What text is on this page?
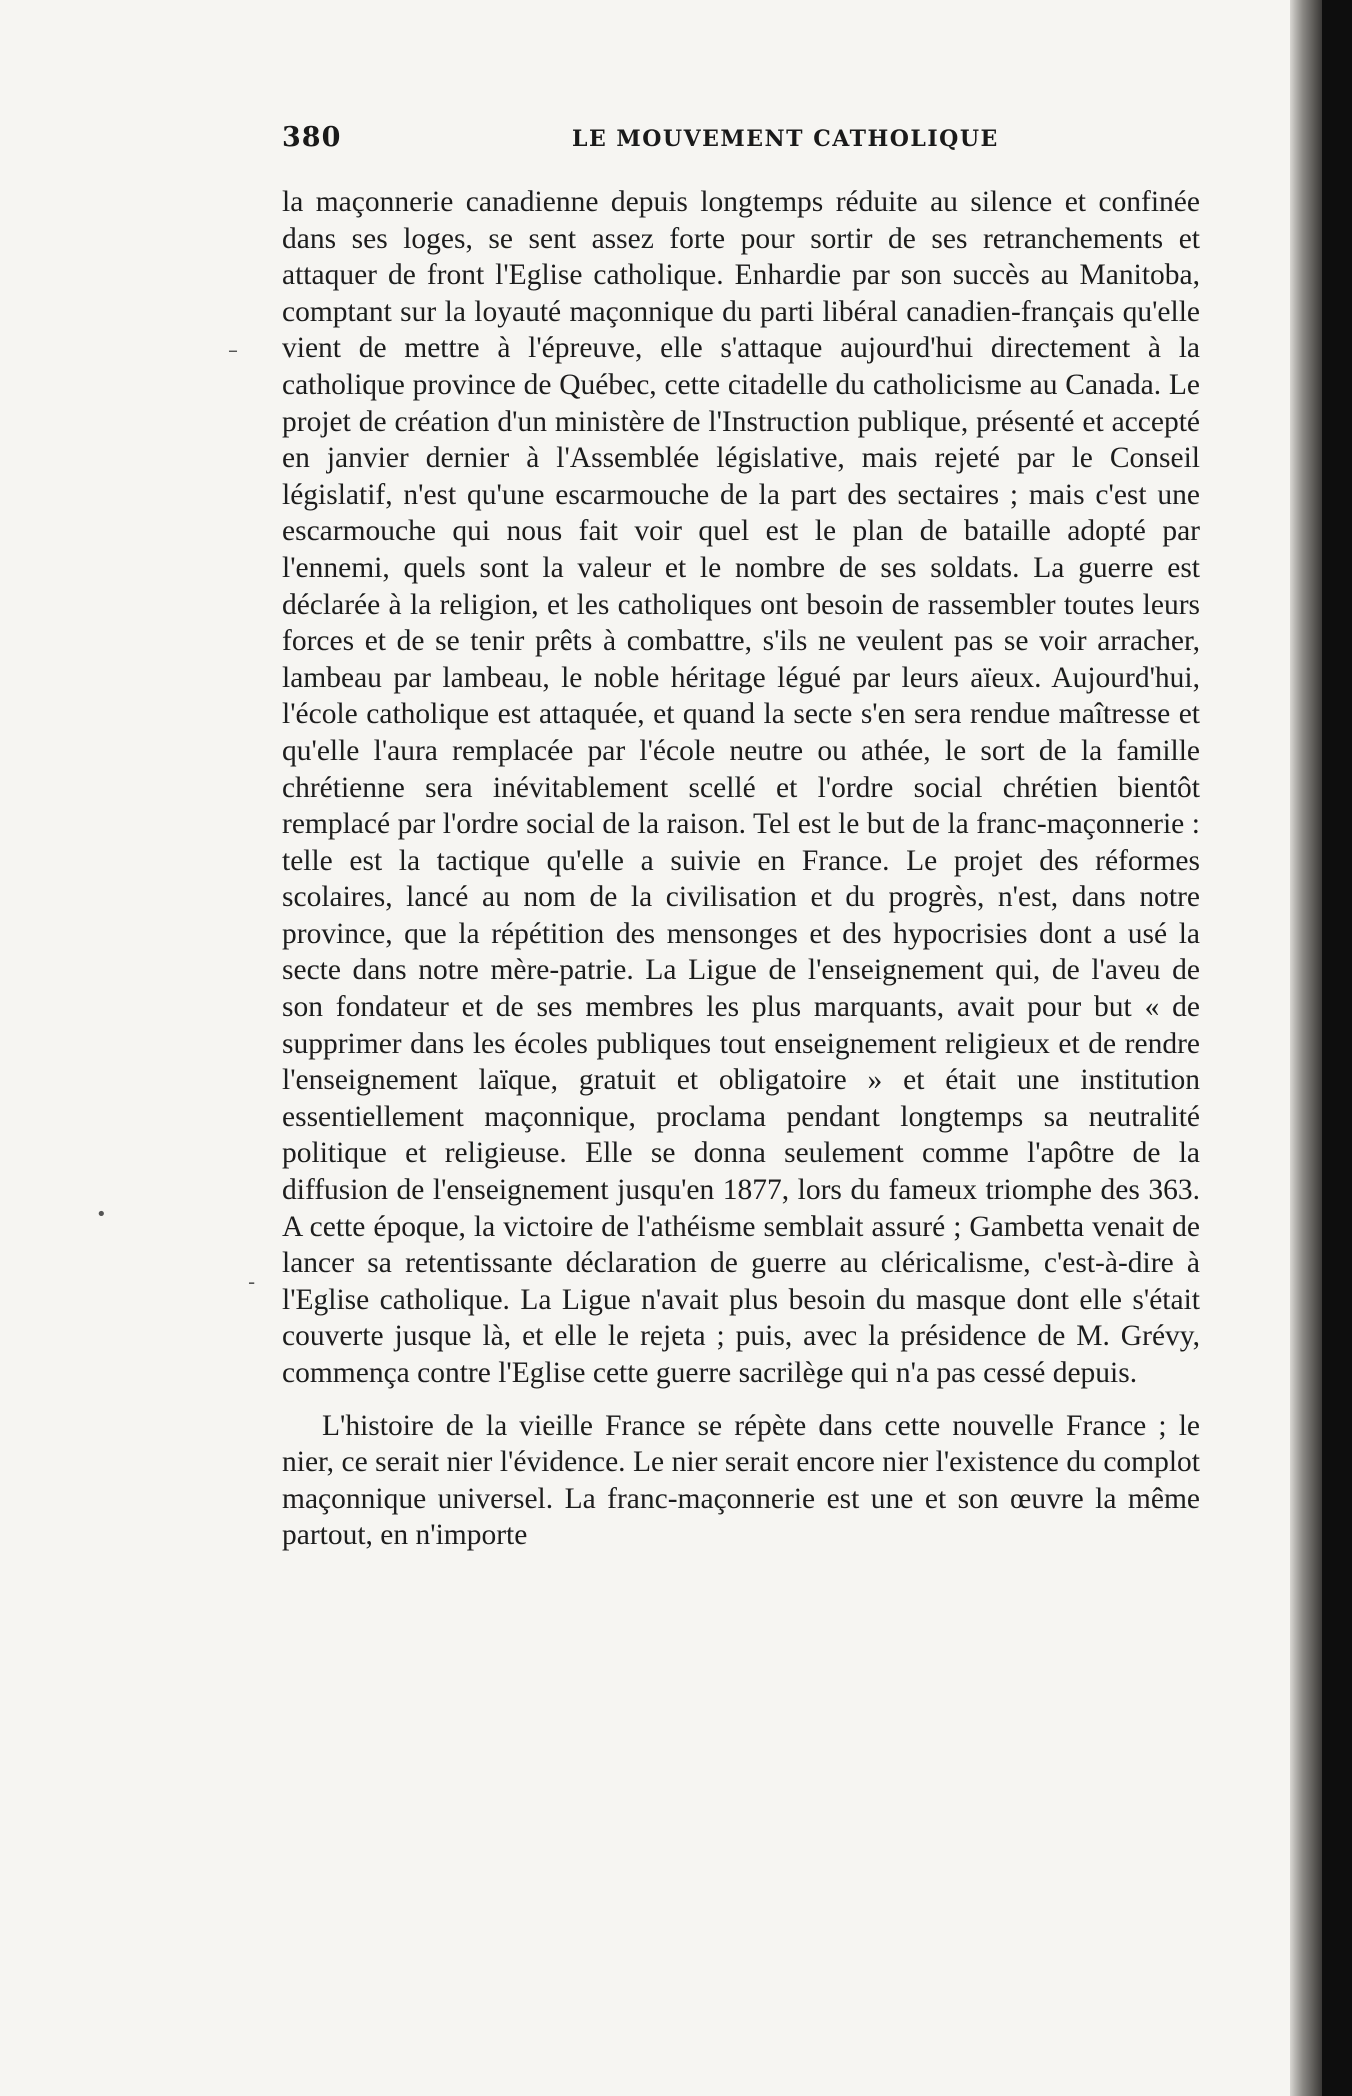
380	LE MOUVEMENT CATHOLIQUE

la maçonnerie canadienne depuis longtemps réduite au silence et confinée dans ses loges, se sent assez forte pour sortir de ses retranchements et attaquer de front l'Eglise catholique. Enhardie par son succès au Manitoba, comptant sur la loyauté maçonnique du parti libéral canadien-français qu'elle vient de mettre à l'épreuve, elle s'attaque aujourd'hui directement à la catholique province de Québec, cette citadelle du catholicisme au Canada. Le projet de création d'un ministère de l'Instruction publique, présenté et accepté en janvier dernier à l'Assemblée législative, mais rejeté par le Conseil législatif, n'est qu'une escarmouche de la part des sectaires ; mais c'est une escarmouche qui nous fait voir quel est le plan de bataille adopté par l'ennemi, quels sont la valeur et le nombre de ses soldats. La guerre est déclarée à la religion, et les catholiques ont besoin de rassembler toutes leurs forces et de se tenir prêts à combattre, s'ils ne veulent pas se voir arracher, lambeau par lambeau, le noble héritage légué par leurs aïeux. Aujourd'hui, l'école catholique est attaquée, et quand la secte s'en sera rendue maîtresse et qu'elle l'aura remplacée par l'école neutre ou athée, le sort de la famille chrétienne sera inévitablement scellé et l'ordre social chrétien bientôt remplacé par l'ordre social de la raison. Tel est le but de la franc-maçonnerie : telle est la tactique qu'elle a suivie en France. Le projet des réformes scolaires, lancé au nom de la civilisation et du progrès, n'est, dans notre province, que la répétition des mensonges et des hypocrisies dont a usé la secte dans notre mère-patrie. La Ligue de l'enseignement qui, de l'aveu de son fondateur et de ses membres les plus marquants, avait pour but « de supprimer dans les écoles publiques tout enseignement religieux et de rendre l'enseignement laïque, gratuit et obligatoire » et était une institution essentiellement maçonnique, proclama pendant longtemps sa neutralité politique et religieuse. Elle se donna seulement comme l'apôtre de la diffusion de l'enseignement jusqu'en 1877, lors du fameux triomphe des 363. A cette époque, la victoire de l'athéisme semblait assuré ; Gambetta venait de lancer sa retentissante déclaration de guerre au cléricalisme, c'est-à-dire à l'Eglise catholique. La Ligue n'avait plus besoin du masque dont elle s'était couverte jusque là, et elle le rejeta ; puis, avec la présidence de M. Grévy, commença contre l'Eglise cette guerre sacrilège qui n'a pas cessé depuis.

L'histoire de la vieille France se répète dans cette nouvelle France ; le nier, ce serait nier l'évidence. Le nier serait encore nier l'existence du complot maçonnique universel. La franc-maçonnerie est une et son œuvre la même partout, en n'importe

–
•
-
